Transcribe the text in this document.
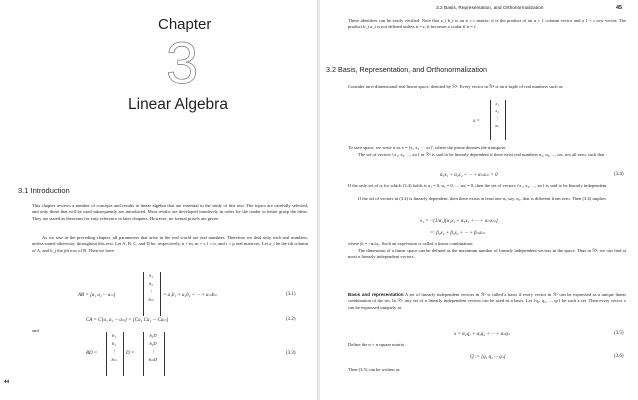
Chapter
3
Linear Algebra
3.1 Introduction
This chapter reviews a number of concepts and results in linear algebra that are essential in the study of this text. The topics are carefully selected, and only those that will be used subsequently are introduced. Most results are developed intuitively in order for the reader to better grasp the ideas. They are stated as theorems for easy reference in later chapters. However, no formal proofs are given.
As we saw in the preceding chapter, all parameters that arise in the real world are real numbers. Therefore we deal only with real numbers, unless stated otherwise, throughout this text. Let A, B, C, and D be, respectively, n × m, m × r, l × n, and r × p real matrices. Let a_i be the ith column of A, and b_j the jth row of B. Then we have
AB = [a₁ a₂ ··· aₘ]
b₁
b₂
⋮
bₘ
= a₁b₁ + a₂b₂ + ··· + aₘbₘ	(3.1)
CA = C[a₁ a₂ ··· aₘ] = [Ca₁ Ca₂ ··· Caₘ]	(3.2)
and
BD =
b₁
b₂
⋮
bₘ
D =
b₁D
b₂D
⋮
bₘD
(3.3)
44
3.2 Basis, Representation, and Orthonormalization	45
These identities can be easily verified. Note that a_i b_i is an n × r matrix; it is the product of an n × 1 column vector and a 1 × r row vector. The product b_i a_i is not defined unless n = r; it becomes a scalar if n = r.
3.2 Basis, Representation, and Orthonormalization
Consider an n-dimensional real linear space, denoted by ℛⁿ. Every vector in ℛⁿ is an n-tuple of real numbers such as
x =
x₁
x₂
⋮
xₙ
To save space, we write it as x = [x₁ x₂ ··· xₙ]′, where the prime denotes the transpose.
The set of vectors {x₁, x₂, ..., xₘ} in ℛⁿ is said to be linearly dependent if there exist real numbers α₁, α₂, ..., αₘ, not all zero, such that
α₁x₁ + α₂x₂ + ··· + αₘxₘ = 0	(3.4)
If the only set of αᵢ for which (3.4) holds is α₁ = 0, α₂ = 0, ..., αₘ = 0, then the set of vectors {x₁, x₂, ..., xₘ} is said to be linearly independent.
If the set of vectors in (3.4) is linearly dependent, then there exists at least one αᵢ, say, α₁, that is different from zero. Then (3.4) implies
x₁ = −(1/α₁)[α₂x₂ + α₃x₃ + ··· + αₘxₘ]
=: β₂x₂ + β₃x₃ + ··· + βₘxₘ
where βᵢ = −αᵢ/α₁. Such an expression is called a linear combination.
The dimension of a linear space can be defined as the maximum number of linearly independent vectors in the space. Thus in ℛⁿ, we can find at most n linearly independent vectors.
Basis and representation A set of linearly independent vectors in ℛⁿ is called a basis if every vector in ℛⁿ can be expressed as a unique linear combination of the set. In ℛⁿ, any set of n linearly independent vectors can be used as a basis. Let {q₁, q₂, ..., qₙ} be such a set. Then every vector x can be expressed uniquely as
x = α₁q₁ + α₂q₂ + ··· + αₙqₙ	(3.5)
Define the n × n square matrix
Q := [q₁ q₂ ··· qₙ]	(3.6)
Then (3.5) can be written as
